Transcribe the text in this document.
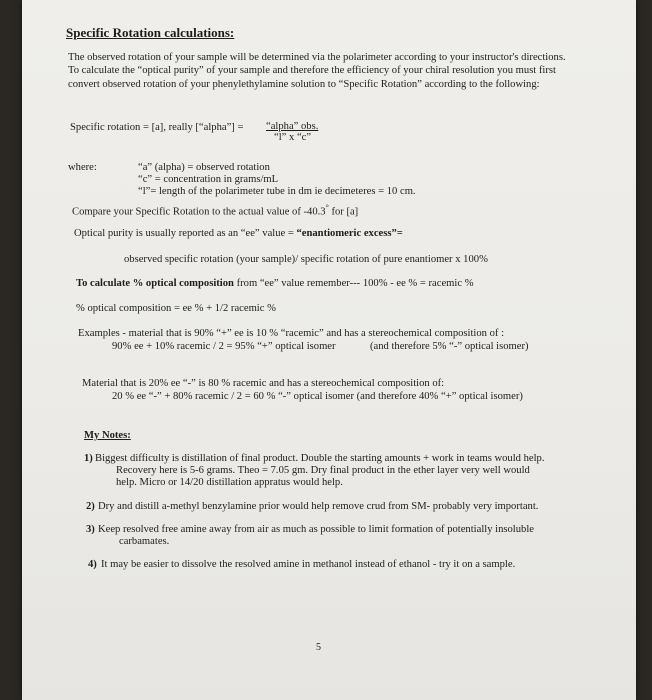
Specific Rotation calculations:
The observed rotation of your sample will be determined via the polarimeter according to your instructor's directions. To calculate the “optical purity” of your sample and therefore the efficiency of your chiral resolution you must first convert observed rotation of your phenylethylamine solution to “Specific Rotation” according to the following:
Specific rotation = [a], really [“alpha”] = “alpha” obs.
“l” x “c”
where:	“a” (alpha) = observed rotation
“c” = concentration in grams/mL
“l”= length of the polarimeter tube in dm ie decimeteres = 10 cm.
Compare your Specific Rotation to the actual value of -40.3° for [a]
Optical purity is usually reported as an “ee” value = “enantiomeric excess”=
observed specific rotation (your sample)/ specific rotation of pure enantiomer x 100%
To calculate % optical composition from “ee” value remember--- 100% - ee % = racemic %
% optical composition = ee % + 1/2 racemic %
Examples - material that is 90% “+” ee is 10 % “racemic” and has a stereochemical composition of :
90% ee + 10% racemic / 2 = 95% “+” optical isomer	(and therefore 5% “-” optical isomer)
Material that is 20% ee “-” is 80 % racemic and has a stereochemical composition of:
20 % ee “-” + 80% racemic / 2 = 60 % “-” optical isomer (and therefore 40% “+” optical isomer)
My Notes:
1) Biggest difficulty is distillation of final product. Double the starting amounts + work in teams would help.
Recovery here is 5-6 grams. Theo = 7.05 gm. Dry final product in the ether layer very well would
help. Micro or 14/20 distillation appratus would help.
2) Dry and distill a-methyl benzylamine prior would help remove crud from SM- probably very important.
3) Keep resolved free amine away from air as much as possible to limit formation of potentially insoluble
carbamates.
4) It may be easier to dissolve the resolved amine in methanol instead of ethanol - try it on a sample.
5
